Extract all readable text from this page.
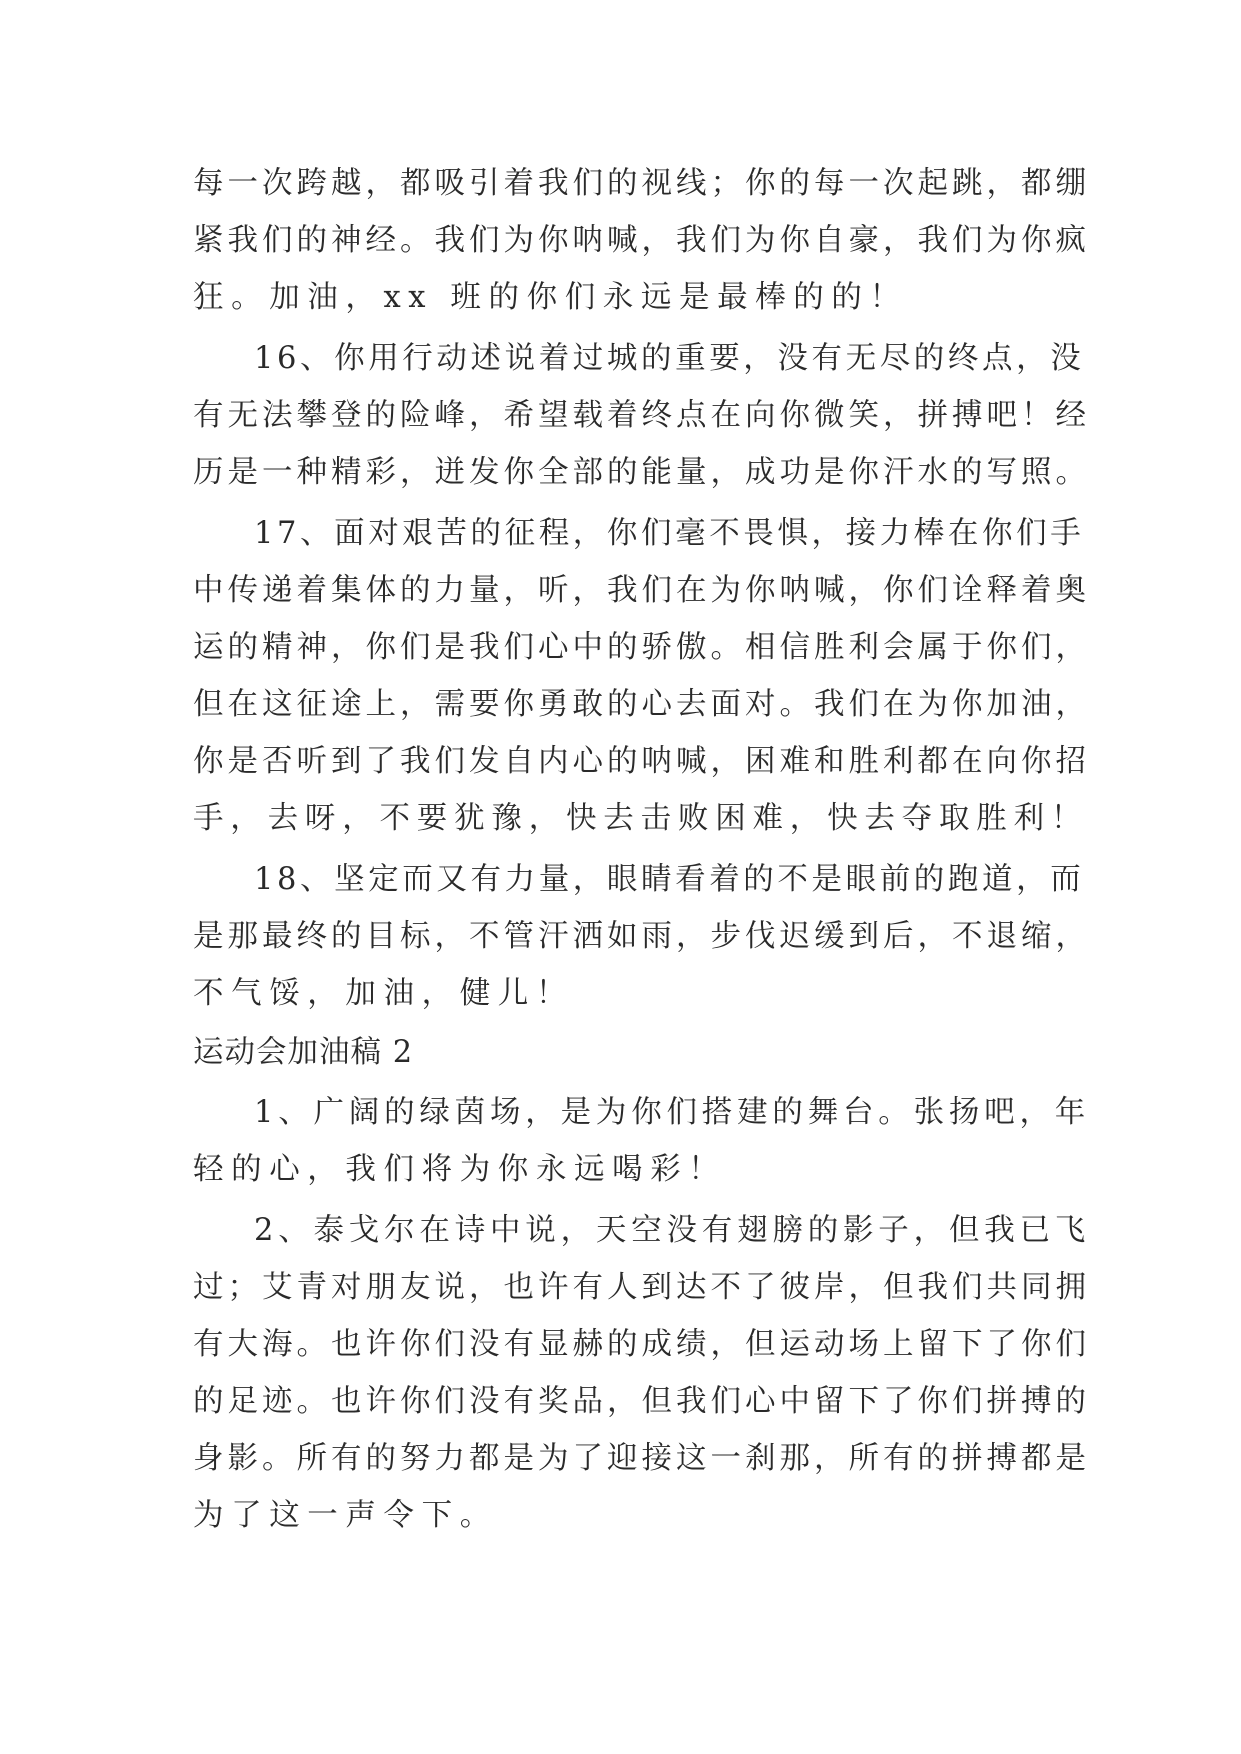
每一次跨越，都吸引着我们的视线；你的每一次起跳，都绷
紧我们的神经。我们为你呐喊，我们为你自豪，我们为你疯
狂。加油，xx 班的你们永远是最棒的的！
16、你用行动述说着过城的重要，没有无尽的终点，没
有无法攀登的险峰，希望载着终点在向你微笑，拼搏吧！经
历是一种精彩，迸发你全部的能量，成功是你汗水的写照。
17、面对艰苦的征程，你们毫不畏惧，接力棒在你们手
中传递着集体的力量，听，我们在为你呐喊，你们诠释着奥
运的精神，你们是我们心中的骄傲。相信胜利会属于你们，
但在这征途上，需要你勇敢的心去面对。我们在为你加油，
你是否听到了我们发自内心的呐喊，困难和胜利都在向你招
手，去呀，不要犹豫，快去击败困难，快去夺取胜利！
18、坚定而又有力量，眼睛看着的不是眼前的跑道，而
是那最终的目标，不管汗洒如雨，步伐迟缓到后，不退缩，
不气馁，加油，健儿！
运动会加油稿 2
1、广阔的绿茵场，是为你们搭建的舞台。张扬吧，年
轻的心，我们将为你永远喝彩！
2、泰戈尔在诗中说，天空没有翅膀的影子，但我已飞
过；艾青对朋友说，也许有人到达不了彼岸，但我们共同拥
有大海。也许你们没有显赫的成绩，但运动场上留下了你们
的足迹。也许你们没有奖品，但我们心中留下了你们拼搏的
身影。所有的努力都是为了迎接这一刹那，所有的拼搏都是
为了这一声令下。
